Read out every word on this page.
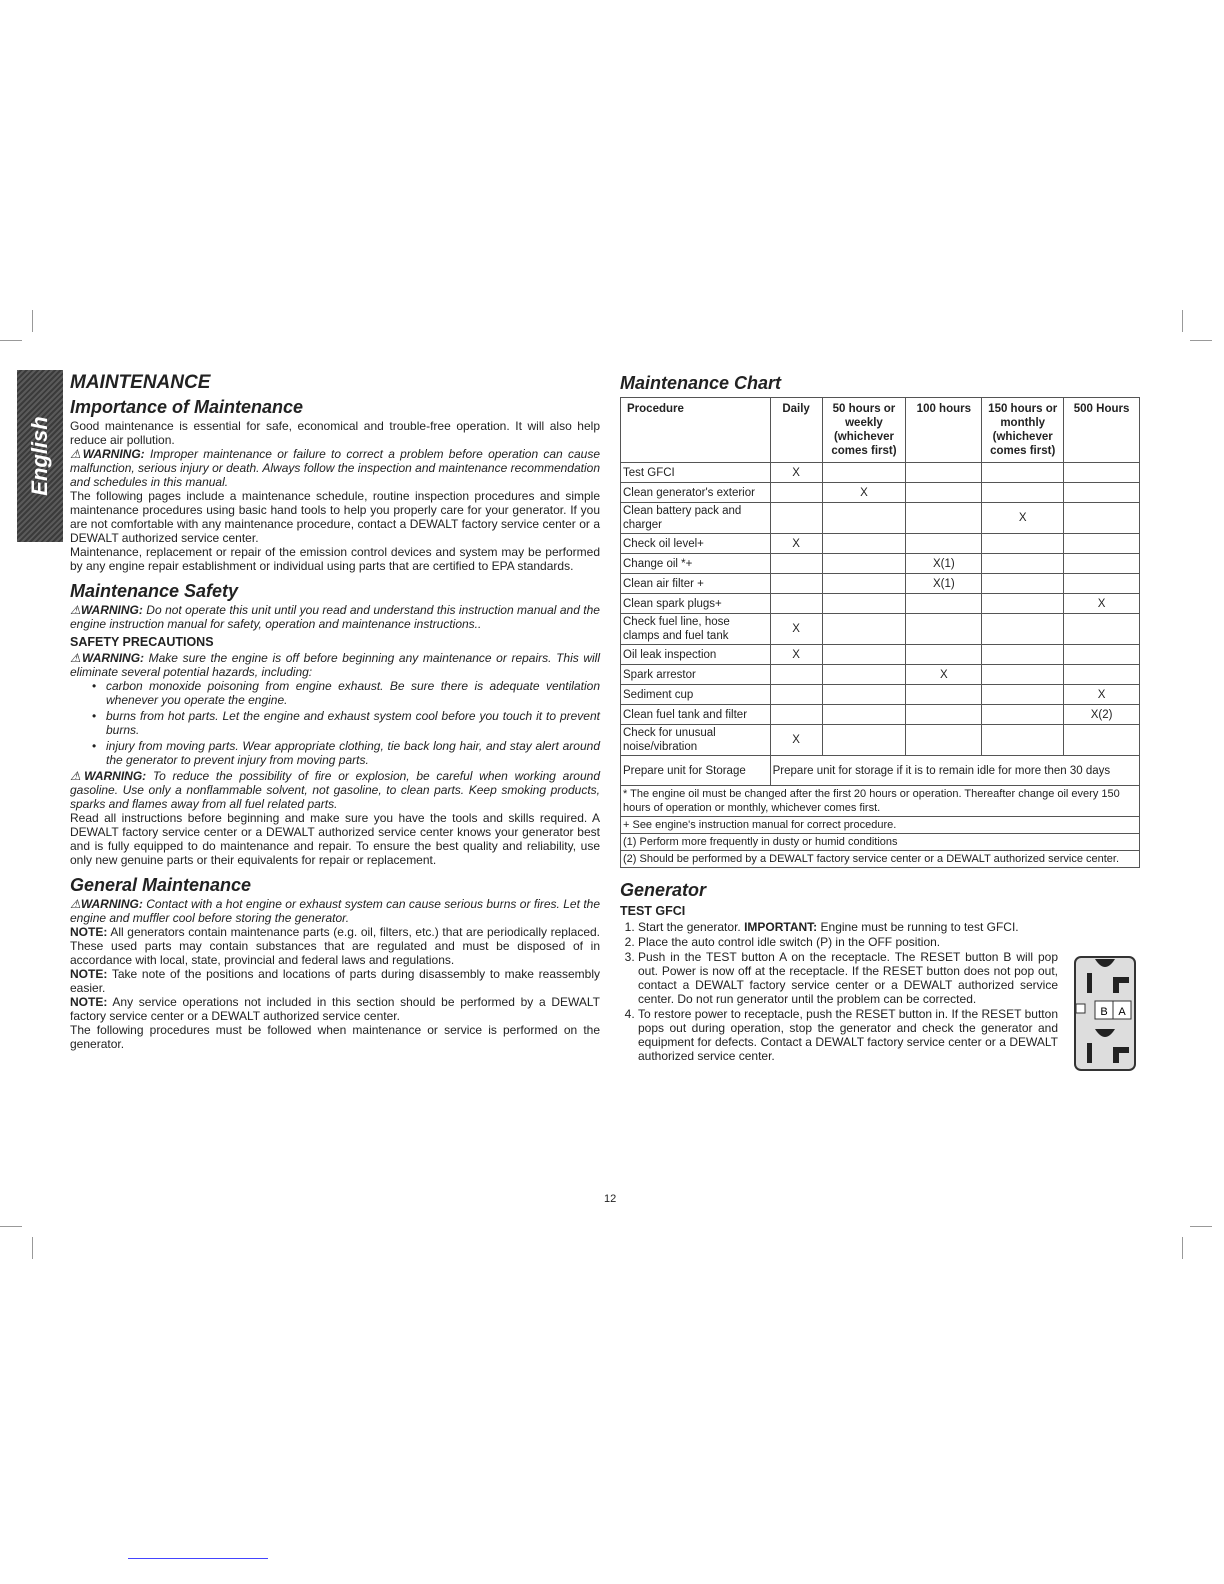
English
MAINTENANCE
Importance of Maintenance

Good maintenance is essential for safe, economical and trouble-free operation. It will also help reduce air pollution.

⚠WARNING: Improper maintenance or failure to correct a problem before operation can cause malfunction, serious injury or death. Always follow the inspection and maintenance recommendation and schedules in this manual.

The following pages include a maintenance schedule, routine inspection procedures and simple maintenance procedures using basic hand tools to help you properly care for your generator. If you are not comfortable with any maintenance procedure, contact a DEWALT factory service center or a DEWALT authorized service center.

Maintenance, replacement or repair of the emission control devices and system may be performed by any engine repair establishment or individual using parts that are certified to EPA standards.

Maintenance Safety

⚠WARNING: Do not operate this unit until you read and understand this instruction manual and the engine instruction manual for safety, operation and maintenance instructions..

SAFETY PRECAUTIONS

⚠WARNING: Make sure the engine is off before beginning any maintenance or repairs. This will eliminate several potential hazards, including:

• carbon monoxide poisoning from engine exhaust. Be sure there is adequate ventilation whenever you operate the engine.
• burns from hot parts. Let the engine and exhaust system cool before you touch it to prevent burns.
• injury from moving parts. Wear appropriate clothing, tie back long hair, and stay alert around the generator to prevent injury from moving parts.

⚠WARNING: To reduce the possibility of fire or explosion, be careful when working around gasoline. Use only a nonflammable solvent, not gasoline, to clean parts. Keep smoking products, sparks and flames away from all fuel related parts.

Read all instructions before beginning and make sure you have the tools and skills required. A DEWALT factory service center or a DEWALT authorized service center knows your generator best and is fully equipped to do maintenance and repair. To ensure the best quality and reliability, use only new genuine parts or their equivalents for repair or replacement.

General Maintenance

⚠WARNING: Contact with a hot engine or exhaust system can cause serious burns or fires. Let the engine and muffler cool before storing the generator.

NOTE: All generators contain maintenance parts (e.g. oil, filters, etc.) that are periodically replaced. These used parts may contain substances that are regulated and must be disposed of in accordance with local, state, provincial and federal laws and regulations.

NOTE: Take note of the positions and locations of parts during disassembly to make reassembly easier.

NOTE: Any service operations not included in this section should be performed by a DEWALT factory service center or a DEWALT authorized service center.

The following procedures must be followed when maintenance or service is performed on the generator.

Maintenance Chart
Procedure	Daily	50 hours or weekly (whichever comes first)	100 hours	150 hours or monthly (whichever comes first)	500 Hours
Test GFCI	X				
Clean generator's exterior		X			
Clean battery pack and charger				X	
Check oil level+	X				
Change oil *+			X(1)		
Clean air filter +			X(1)		
Clean spark plugs+					X
Check fuel line, hose clamps and fuel tank	X				
Oil leak inspection	X				
Spark arrestor			X		
Sediment cup					X
Clean fuel tank and filter					X(2)
Check for unusual noise/vibration	X				
Prepare unit for Storage	Prepare unit for storage if it is to remain idle for more then 30 days				
* The engine oil must be changed after the first 20 hours or operation. Thereafter change oil every 150 hours of operation or monthly, whichever comes first.					
+ See engine's instruction manual for correct procedure.					
(1) Perform more frequently in dusty or humid conditions					
(2) Should be performed by a DEWALT factory service center or a DEWALT authorized service center.					
Generator
TEST GFCI
1. Start the generator. IMPORTANT: Engine must be running to test GFCI.
2. Place the auto control idle switch (P) in the OFF position.
3. Push in the TEST button A on the receptacle. The RESET button B will pop out. Power is now off at the receptacle. If the RESET button does not pop out, contact a DEWALT factory service center or a DEWALT authorized service center. Do not run generator until the problem can be corrected.
4. To restore power to receptacle, push the RESET button in. If the RESET button pops out during operation, stop the generator and check the generator and equipment for defects. Contact a DEWALT factory service center or a DEWALT authorized service center.
B A
12
